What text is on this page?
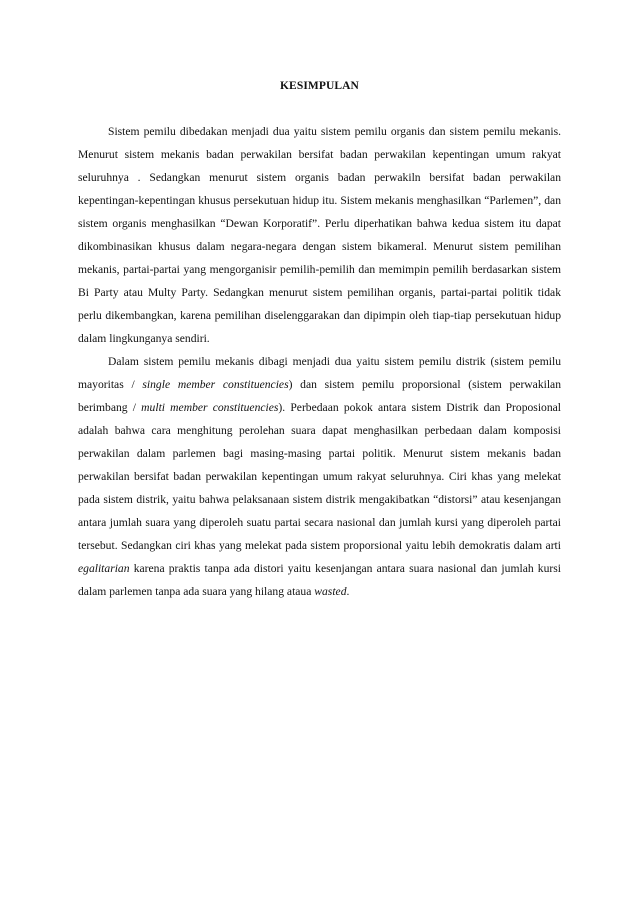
KESIMPULAN

Sistem pemilu dibedakan menjadi dua yaitu sistem pemilu organis dan sistem pemilu mekanis. Menurut sistem mekanis badan perwakilan bersifat badan perwakilan kepentingan umum rakyat seluruhnya . Sedangkan menurut sistem organis badan perwakiln bersifat badan perwakilan kepentingan-kepentingan khusus persekutuan hidup itu. Sistem mekanis menghasilkan “Parlemen”, dan sistem organis menghasilkan “Dewan Korporatif”. Perlu diperhatikan bahwa kedua sistem itu dapat dikombinasikan khusus dalam negara-negara dengan sistem bikameral. Menurut sistem pemilihan mekanis, partai-partai yang mengorganisir pemilih-pemilih dan memimpin pemilih berdasarkan sistem Bi Party atau Multy Party. Sedangkan menurut sistem pemilihan organis, partai-partai politik tidak perlu dikembangkan, karena pemilihan diselenggarakan dan dipimpin oleh tiap-tiap persekutuan hidup dalam lingkunganya sendiri.

Dalam sistem pemilu mekanis dibagi menjadi dua yaitu sistem pemilu distrik (sistem pemilu mayoritas / single member constituencies) dan sistem pemilu proporsional (sistem perwakilan berimbang / multi member constituencies). Perbedaan pokok antara sistem Distrik dan Proposional adalah bahwa cara menghitung perolehan suara dapat menghasilkan perbedaan dalam komposisi perwakilan dalam parlemen bagi masing-masing partai politik. Menurut sistem mekanis badan perwakilan bersifat badan perwakilan kepentingan umum rakyat seluruhnya. Ciri khas yang melekat pada sistem distrik, yaitu bahwa pelaksanaan sistem distrik mengakibatkan “distorsi” atau kesenjangan antara jumlah suara yang diperoleh suatu partai secara nasional dan jumlah kursi yang diperoleh partai tersebut. Sedangkan ciri khas yang melekat pada sistem proporsional yaitu lebih demokratis dalam arti egalitarian karena praktis tanpa ada distori yaitu kesenjangan antara suara nasional dan jumlah kursi dalam parlemen tanpa ada suara yang hilang ataua wasted.
